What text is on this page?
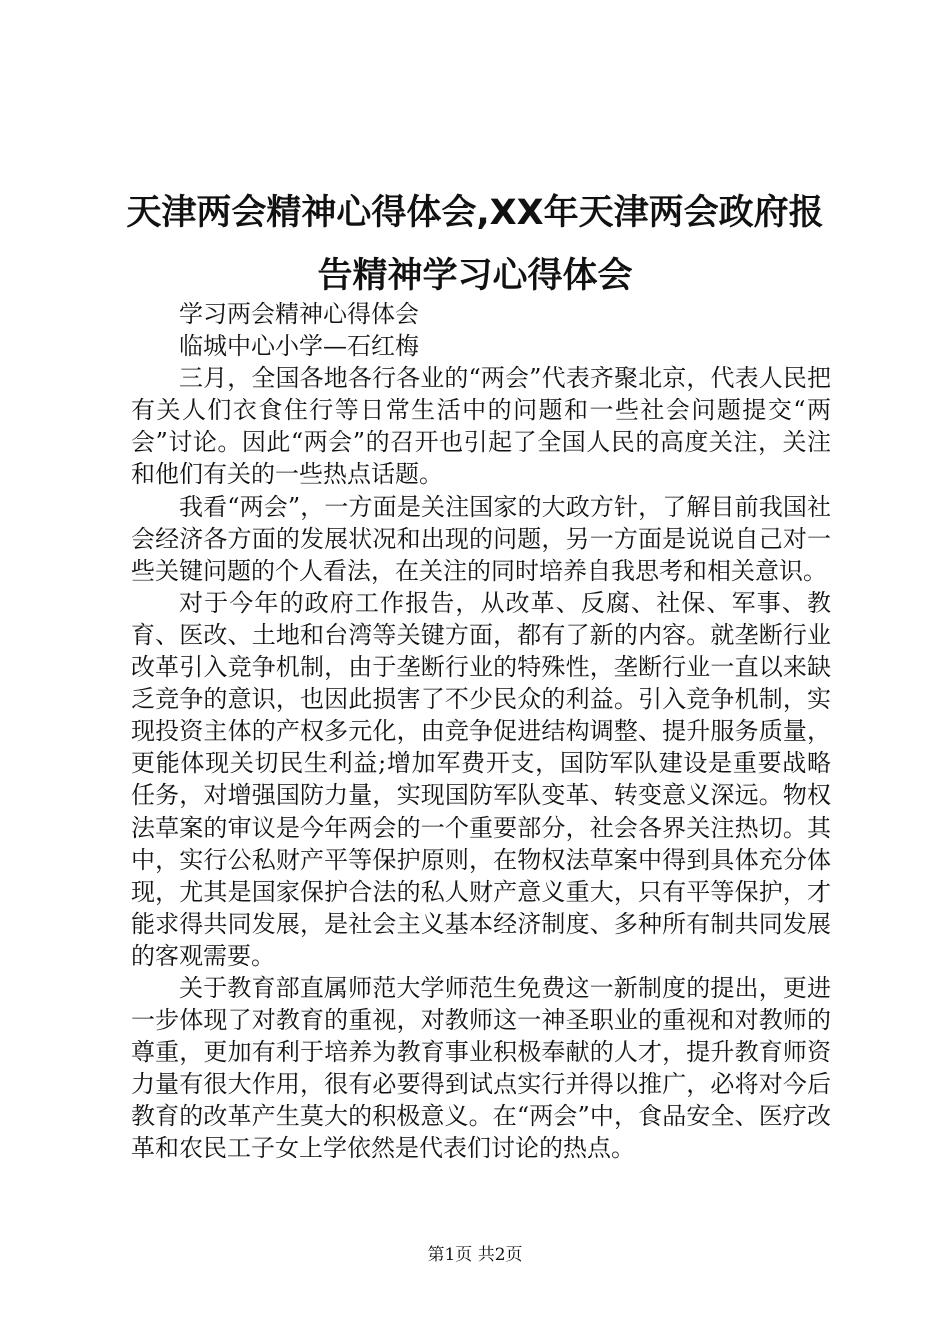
天津两会精神心得体会,XX年天津两会政府报告精神学习心得体会

学习两会精神心得体会

临城中心小学—石红梅

三月，全国各地各行各业的“两会”代表齐聚北京，代表人民把有关人们衣食住行等日常生活中的问题和一些社会问题提交“两会”讨论。因此“两会”的召开也引起了全国人民的高度关注，关注和他们有关的一些热点话题。

我看“两会”，一方面是关注国家的大政方针，了解目前我国社会经济各方面的发展状况和出现的问题，另一方面是说说自己对一些关键问题的个人看法，在关注的同时培养自我思考和相关意识。

对于今年的政府工作报告，从改革、反腐、社保、军事、教育、医改、土地和台湾等关键方面，都有了新的内容。就垄断行业改革引入竞争机制，由于垄断行业的特殊性，垄断行业一直以来缺乏竞争的意识，也因此损害了不少民众的利益。引入竞争机制，实现投资主体的产权多元化，由竞争促进结构调整、提升服务质量，更能体现关切民生利益;增加军费开支，国防军队建设是重要战略任务，对增强国防力量，实现国防军队变革、转变意义深远。物权法草案的审议是今年两会的一个重要部分，社会各界关注热切。其中，实行公私财产平等保护原则，在物权法草案中得到具体充分体现，尤其是国家保护合法的私人财产意义重大，只有平等保护，才能求得共同发展，是社会主义基本经济制度、多种所有制共同发展的客观需要。

关于教育部直属师范大学师范生免费这一新制度的提出，更进一步体现了对教育的重视，对教师这一神圣职业的重视和对教师的尊重，更加有利于培养为教育事业积极奉献的人才，提升教育师资力量有很大作用，很有必要得到试点实行并得以推广，必将对今后教育的改革产生莫大的积极意义。在“两会”中，食品安全、医疗改革和农民工子女上学依然是代表们讨论的热点。

第1页 共2页
